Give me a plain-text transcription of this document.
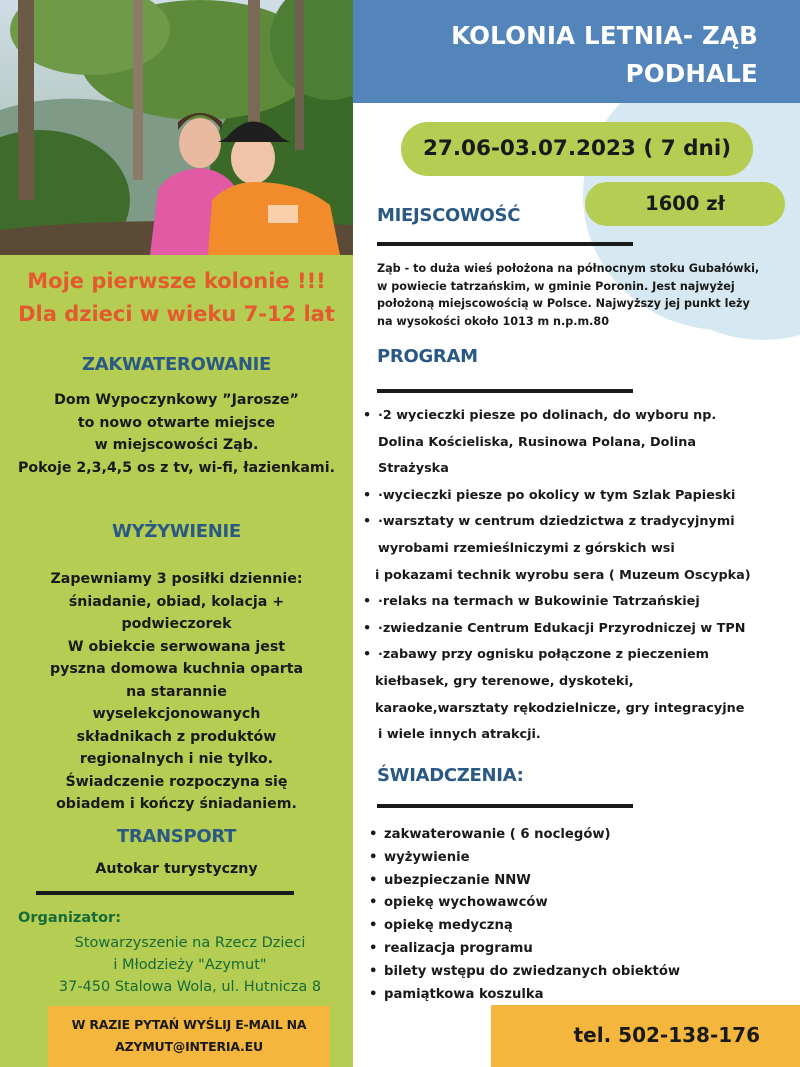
Moje pierwsze kolonie !!!
Dla dzieci w wieku 7-12 lat
ZAKWATEROWANIE
Dom Wypoczynkowy ”Jarosze”
to nowo otwarte miejsce
w miejscowości Ząb.
Pokoje 2,3,4,5 os z tv, wi-fi, łazienkami.
WYŻYWIENIE
Zapewniamy 3 posiłki dziennie:
śniadanie, obiad, kolacja +
podwieczorek
W obiekcie serwowana jest
pyszna domowa kuchnia oparta
na starannie
wyselekcjonowanych
składnikach z produktów
regionalnych i nie tylko.
Świadczenie rozpoczyna się
obiadem i kończy śniadaniem.
TRANSPORT
Autokar turystyczny
Organizator:
Stowarzyszenie na Rzecz Dzieci
i Młodzieży "Azymut"
37-450 Stalowa Wola, ul. Hutnicza 8
W RAZIE PYTAŃ WYŚLIJ E-MAIL NA
AZYMUT@INTERIA.EU
KOLONIA LETNIA- ZĄB
PODHALE
27.06-03.07.2023 ( 7 dni)
1600 zł
MIEJSCOWOŚĆ
Ząb - to duża wieś położona na północnym stoku Gubałówki,
w powiecie tatrzańskim, w gminie Poronin. Jest najwyżej
położoną miejscowością w Polsce. Najwyższy jej punkt leży
na wysokości około 1013 m n.p.m.80
PROGRAM
• ·2 wycieczki piesze po dolinach, do wyboru np.
Dolina Kościeliska, Rusinowa Polana, Dolina
Strażyska
• ·wycieczki piesze po okolicy w tym Szlak Papieski
• ·warsztaty w centrum dziedzictwa z tradycyjnymi
wyrobami rzemieślniczymi z górskich wsi
i pokazami technik wyrobu sera ( Muzeum Oscypka)
• ·relaks na termach w Bukowinie Tatrzańskiej
• ·zwiedzanie Centrum Edukacji Przyrodniczej w TPN
• ·zabawy przy ognisku połączone z pieczeniem
kiełbasek, gry terenowe, dyskoteki,
karaoke,warsztaty rękodzielnicze, gry integracyjne
i wiele innych atrakcji.
ŚWIADCZENIA:
• zakwaterowanie ( 6 noclegów)
• wyżywienie
• ubezpieczanie NNW
• opiekę wychowawców
• opiekę medyczną
• realizacja programu
• bilety wstępu do zwiedzanych obiektów
• pamiątkowa koszulka
tel. 502-138-176
